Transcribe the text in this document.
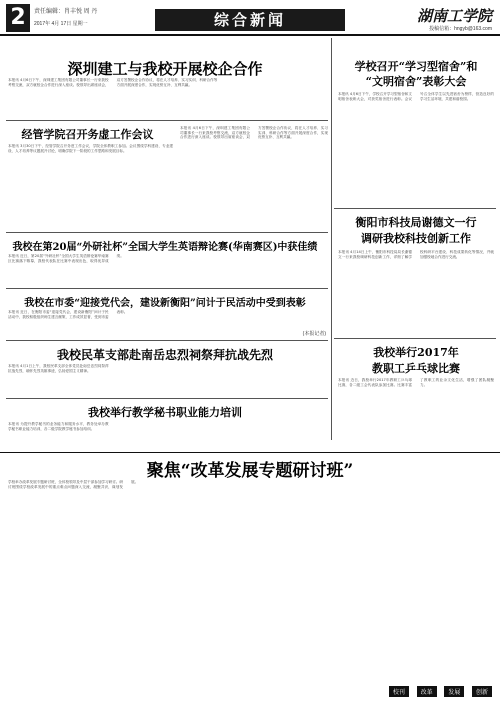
2	责任编辑：肖丰悦 周 丹
2017年 4月 17日 星期一	综合新闻	湖南工学院
投稿信箱：hngyb@163.com
深圳建工与我校开展校企合作
本报讯 4月6日下午，深圳建工集团有限公司董事长一行来我校考察交流，双方就校企合作进行深入座谈。校领导出席座谈会，双方签署校企合作协议，将在人才培养、实习实训、科研合作等方面开展深度合作，实现优势互补、互利共赢。
经管学院召开务虚工作会议
本报讯 3月30日下午，经管学院召开务虚工作会议，学院全体教职工参加。会议围绕学科建设、专业建设、人才培养等议题展开讨论，明确学院下一阶段的工作思路和发展目标。
本报讯 4月6日下午，深圳建工集团有限公司董事长一行来我校考察交流，双方就校企合作进行深入座谈。校领导出席座谈会，双方签署校企合作协议，将在人才培养、实习实训、科研合作等方面开展深度合作，实现优势互补、互利共赢。
我校在第20届“外研社杯”全国大学生英语辩论赛(华南赛区)中获佳绩
本报讯 近日，第20届“外研社杯”全国大学生英语辩论赛华南赛区比赛落下帷幕，我校代表队在比赛中表现出色，取得优异成绩。
我校在市委“迎接党代会，建设新衡阳”问计于民活动中受到表彰
本报讯 近日，在衡阳市委“迎接党代会，建设新衡阳”问计于民活动中，我校积极组织师生建言献策，工作成效显著，受到市委表彰。
(本报记者)
我校民革支部赴南岳忠烈祠祭拜抗战先烈
本报讯 4月1日上午，我校民革支部全体党员赴南岳忠烈祠祭拜抗战先烈，缅怀先烈英雄事迹，弘扬爱国主义精神。
我校举行教学秘书职业能力培训
本报讯 为提升教学秘书的业务能力和服务水平，教务处举办教学秘书职业能力培训，各二级学院教学秘书参加培训。
学校召开“学习型宿舍”和
“文明宿舍”表彰大会
本报讯 4月6日下午，学校召开学习型宿舍和文明宿舍表彰大会，对获奖宿舍进行表彰。会议号召全体学生以先进宿舍为榜样，营造良好的学习生活环境，共建和谐校园。
衡阳市科技局谢德文一行
调研我校科技创新工作
本报讯 4月14日上午，衡阳市科技局局长谢德文一行来我校调研科技创新工作，详细了解学校科研平台建设、科技成果转化等情况，并就加强校地合作进行交流。
我校举行2017年
教职工乒乓球比赛
本报讯 近日，我校举行2017年教职工乒乓球比赛，各二级工会代表队参加比赛。比赛丰富了教职工的业余文化生活，增强了团队凝聚力。
聚焦“改革发展专题研讨班”
学校举办改革发展专题研讨班，全体校领导及中层干部参加学习研讨。研讨班围绕学校改革发展中的重点难点问题深入交流，凝聚共识，谋划发展。
校刊	改革	发展	创新
